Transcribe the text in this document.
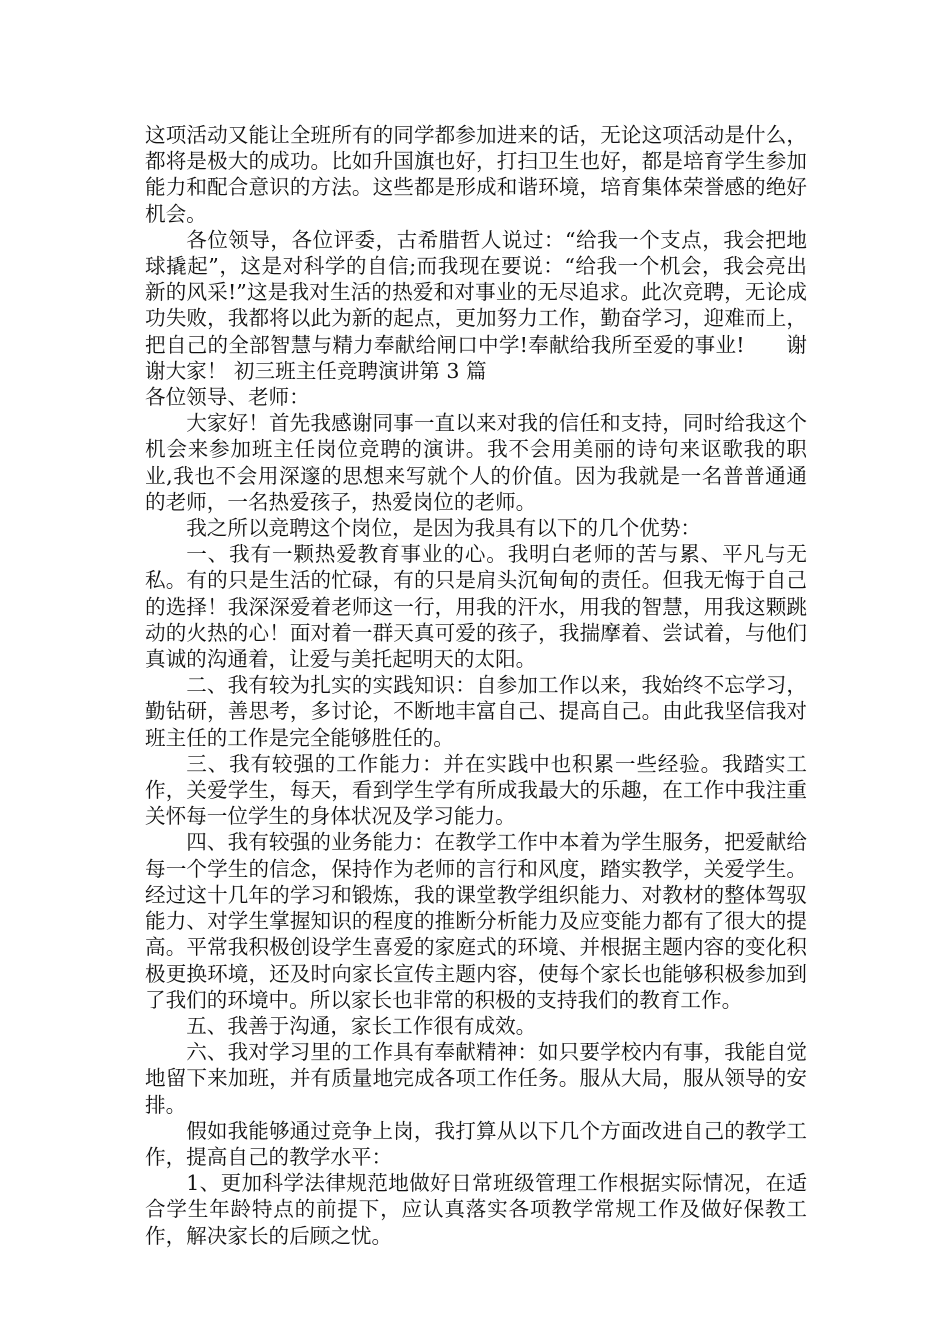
这项活动又能让全班所有的同学都参加进来的话，无论这项活动是什么，都将是极大的成功。比如升国旗也好，打扫卫生也好，都是培育学生参加能力和配合意识的方法。这些都是形成和谐环境，培育集体荣誉感的绝好机会。

各位领导，各位评委，古希腊哲人说过：“给我一个支点，我会把地球撬起”，这是对科学的自信;而我现在要说：“给我一个机会，我会亮出新的风采!”这是我对生活的热爱和对事业的无尽追求。此次竞聘，无论成功失败，我都将以此为新的起点，更加努力工作，勤奋学习，迎难而上，把自己的全部智慧与精力奉献给闸口中学!奉献给我所至爱的事业!　　谢谢大家！ 初三班主任竞聘演讲第 3 篇

各位领导、老师：

大家好！首先我感谢同事一直以来对我的信任和支持，同时给我这个机会来参加班主任岗位竞聘的演讲。我不会用美丽的诗句来讴歌我的职业,我也不会用深邃的思想来写就个人的价值。因为我就是一名普普通通的老师，一名热爱孩子，热爱岗位的老师。

我之所以竞聘这个岗位，是因为我具有以下的几个优势：

一、我有一颗热爱教育事业的心。我明白老师的苦与累、平凡与无私。有的只是生活的忙碌，有的只是肩头沉甸甸的责任。但我无悔于自己的选择！我深深爱着老师这一行，用我的汗水，用我的智慧，用我这颗跳动的火热的心！面对着一群天真可爱的孩子，我揣摩着、尝试着，与他们真诚的沟通着，让爱与美托起明天的太阳。

二、我有较为扎实的实践知识：自参加工作以来，我始终不忘学习，勤钻研，善思考，多讨论，不断地丰富自己、提高自己。由此我坚信我对班主任的工作是完全能够胜任的。

三、我有较强的工作能力：并在实践中也积累一些经验。我踏实工作，关爱学生，每天，看到学生学有所成我最大的乐趣，在工作中我注重关怀每一位学生的身体状况及学习能力。

四、我有较强的业务能力：在教学工作中本着为学生服务，把爱献给每一个学生的信念，保持作为老师的言行和风度，踏实教学，关爱学生。经过这十几年的学习和锻炼，我的课堂教学组织能力、对教材的整体驾驭能力、对学生掌握知识的程度的推断分析能力及应变能力都有了很大的提高。平常我积极创设学生喜爱的家庭式的环境、并根据主题内容的变化积极更换环境，还及时向家长宣传主题内容，使每个家长也能够积极参加到了我们的环境中。所以家长也非常的积极的支持我们的教育工作。

五、我善于沟通，家长工作很有成效。

六、我对学习里的工作具有奉献精神：如只要学校内有事，我能自觉地留下来加班，并有质量地完成各项工作任务。服从大局，服从领导的安排。

假如我能够通过竞争上岗，我打算从以下几个方面改进自己的教学工作，提高自己的教学水平：

1、更加科学法律规范地做好日常班级管理工作根据实际情况，在适合学生年龄特点的前提下，应认真落实各项教学常规工作及做好保教工作，解决家长的后顾之忧。
